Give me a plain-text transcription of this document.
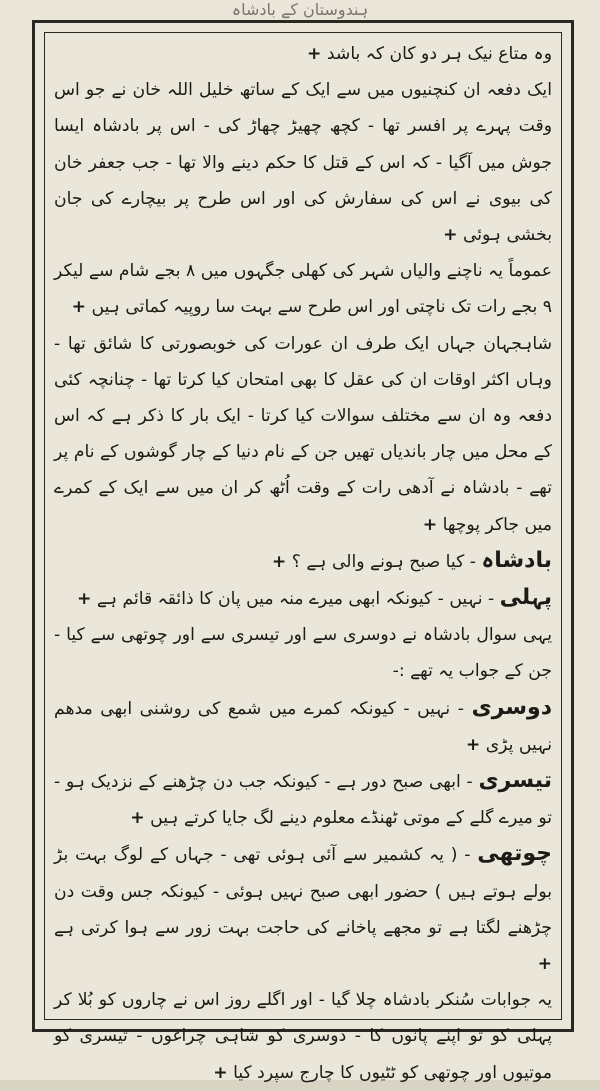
ہندوستان کے بادشاہ

وہ متاع نیک ہر دو کان کہ باشد +

ایک دفعہ ان کنچنیوں میں سے ایک کے ساتھ خلیل اللہ خان نے جو اس وقت پہرے پر افسر تھا - کچھ چھیڑ چھاڑ کی - اس پر بادشاہ ایسا جوش میں آگیا - کہ اس کے قتل کا حکم دینے والا تھا - جب جعفر خان کی بیوی نے اس کی سفارش کی اور اس طرح پر بیچارے کی جان بخشی ہوئی +

عموماً یہ ناچنے والیاں شہر کی کھلی جگہوں میں ۸ بجے شام سے لیکر ۹ بجے رات تک ناچتی اور اس طرح سے بہت سا روپیہ کماتی ہیں +

شاہجہان جہاں ایک طرف ان عورات کی خوبصورتی کا شائق تھا - وہاں اکثر اوقات ان کی عقل کا بھی امتحان کیا کرتا تھا - چنانچہ کئی دفعہ وہ ان سے مختلف سوالات کیا کرتا - ایک بار کا ذکر ہے کہ اس کے محل میں چار باندیاں تھیں جن کے نام دنیا کے چار گوشوں کے نام پر تھے - بادشاہ نے آدھی رات کے وقت اُٹھ کر ان میں سے ایک کے کمرے میں جاکر پوچھا +

بادشاہ - کیا صبح ہونے والی ہے ؟ +

پہلی - نہیں - کیونکہ ابھی میرے منہ میں پان کا ذائقہ قائم ہے +

یہی سوال بادشاہ نے دوسری سے اور تیسری سے اور چوتھی سے کیا - جن کے جواب یہ تھے :-

دوسری - نہیں - کیونکہ کمرے میں شمع کی روشنی ابھی مدھم نہیں پڑی +

تیسری - ابھی صبح دور ہے - کیونکہ جب دن چڑھنے کے نزدیک ہو - تو میرے گلے کے موتی ٹھنڈے معلوم دینے لگ جایا کرتے ہیں +

چوتھی - ( یہ کشمیر سے آئی ہوئی تھی - جہاں کے لوگ بہت بڑ بولے ہوتے ہیں ) حضور ابھی صبح نہیں ہوئی - کیونکہ جس وقت دن چڑھنے لگتا ہے تو مجھے پاخانے کی حاجت بہت زور سے ہوا کرتی ہے +

یہ جوابات سُنکر بادشاہ چلا گیا - اور اگلے روز اس نے چاروں کو بُلا کر پہلی کو تو اپنے پانوں کا - دوسری کو شاہی چراغوں - تیسری کو موتیوں اور چوتھی کو ٹٹیوں کا چارج سپرد کیا +
